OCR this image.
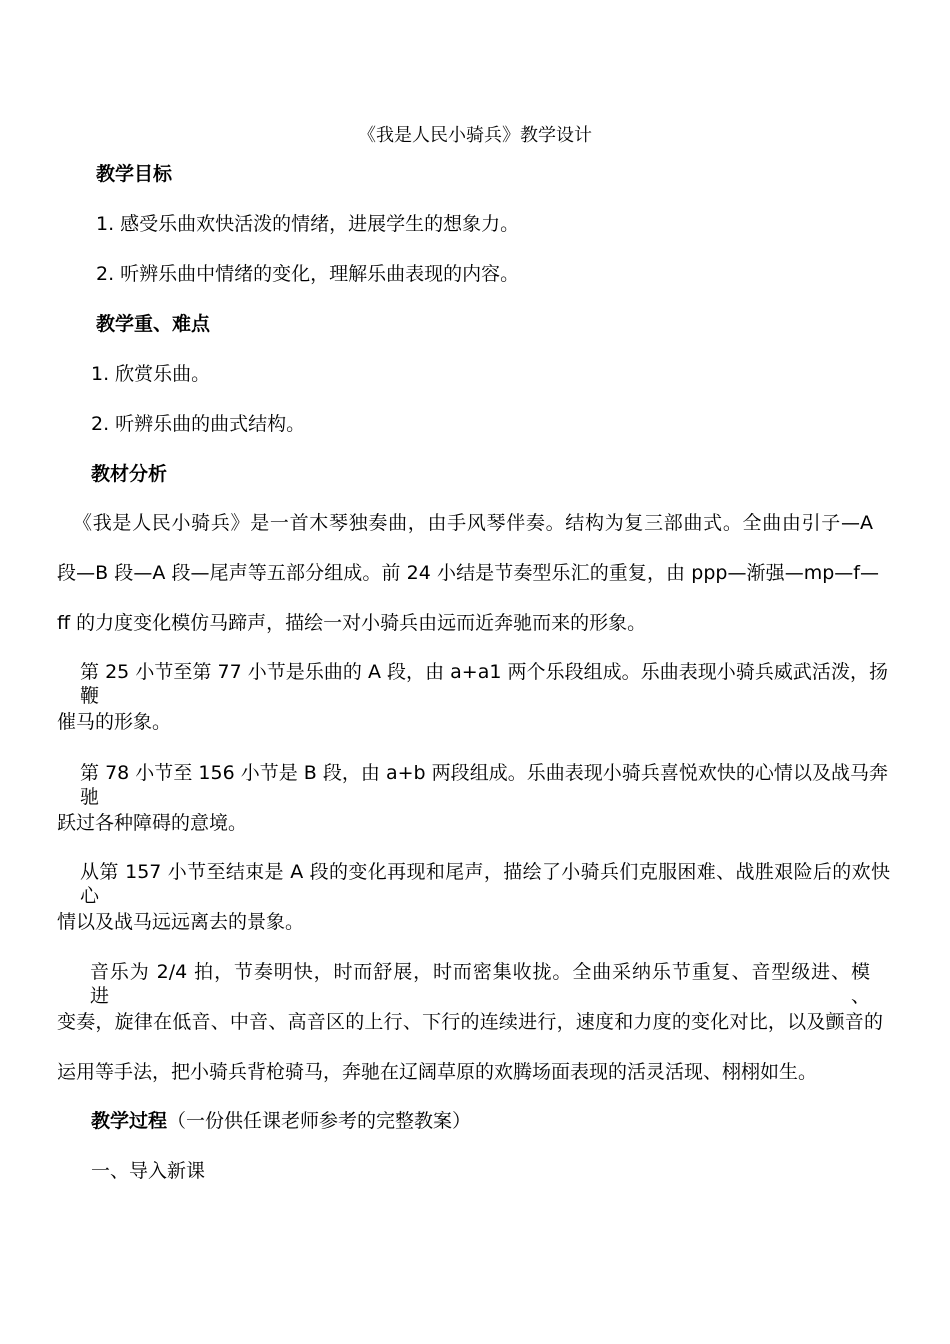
《我是人民小骑兵》教学设计

教学目标

1. 感受乐曲欢快活泼的情绪，进展学生的想象力。

2. 听辨乐曲中情绪的变化，理解乐曲表现的内容。

教学重、难点

1. 欣赏乐曲。

2. 听辨乐曲的曲式结构。

教材分析

《我是人民小骑兵》是一首木琴独奏曲，由手风琴伴奏。结构为复三部曲式。全曲由引子—A

段—B 段—A 段—尾声等五部分组成。前 24 小结是节奏型乐汇的重复，由 ppp—渐强—mp—f—

ff 的力度变化模仿马蹄声，描绘一对小骑兵由远而近奔驰而来的形象。

第 25 小节至第 77 小节是乐曲的 A 段，由 a+a1 两个乐段组成。乐曲表现小骑兵威武活泼，扬鞭

催马的形象。

第 78 小节至 156 小节是 B 段，由 a+b 两段组成。乐曲表现小骑兵喜悦欢快的心情以及战马奔驰

跃过各种障碍的意境。

从第 157 小节至结束是 A 段的变化再现和尾声，描绘了小骑兵们克服困难、战胜艰险后的欢快心

情以及战马远远离去的景象。

音乐为 2/4 拍，节奏明快，时而舒展，时而密集收拢。全曲采纳乐节重复、音型级进、模进、

变奏，旋律在低音、中音、高音区的上行、下行的连续进行，速度和力度的变化对比，以及颤音的

运用等手法，把小骑兵背枪骑马，奔驰在辽阔草原的欢腾场面表现的活灵活现、栩栩如生。

教学过程（一份供任课老师参考的完整教案）

一、导入新课
